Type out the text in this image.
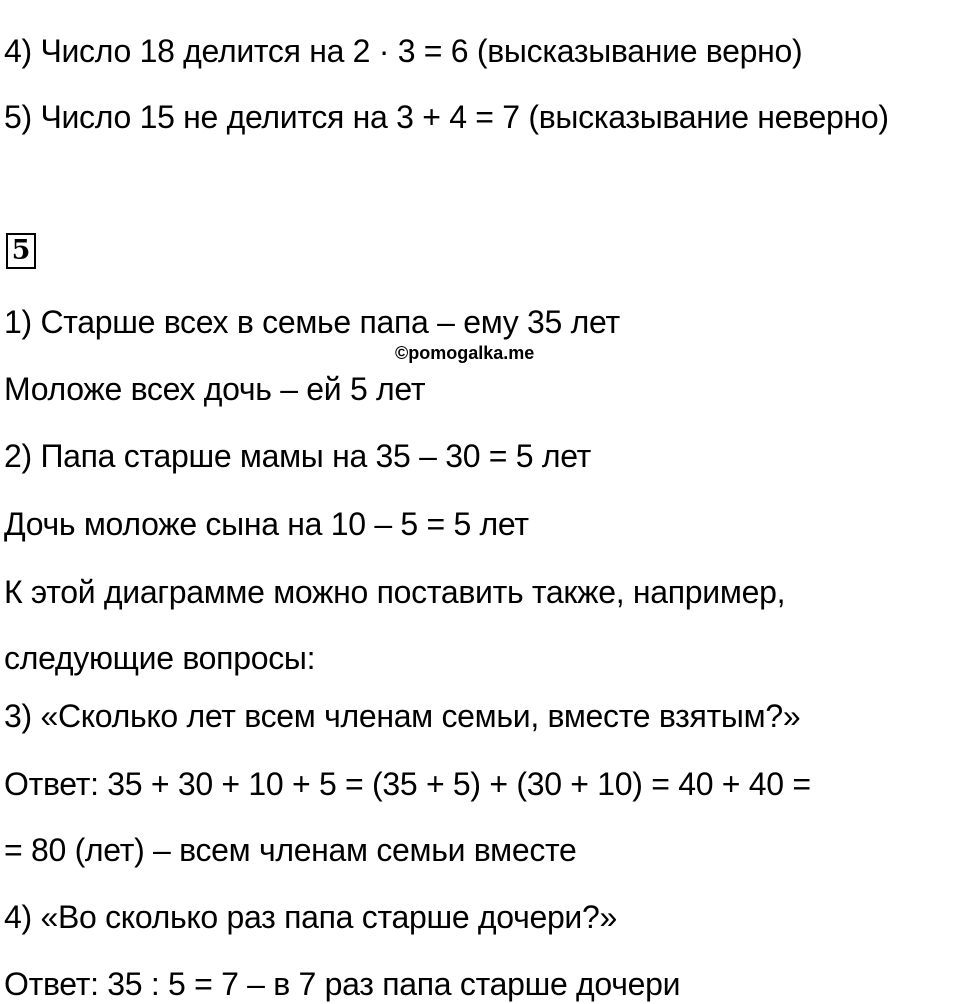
4) Число 18 делится на 2 · 3 = 6 (высказывание верно)
5) Число 15 не делится на 3 + 4 = 7 (высказывание неверно)
5
1) Старше всех в семье папа – ему 35 лет
©pomogalka.me
Моложе всех дочь – ей 5 лет
2) Папа старше мамы на 35 – 30 = 5 лет
Дочь моложе сына на 10 – 5 = 5 лет
К этой диаграмме можно поставить также, например,
следующие вопросы:
3) «Сколько лет всем членам семьи, вместе взятым?»
Ответ: 35 + 30 + 10 + 5 = (35 + 5) + (30 + 10) = 40 + 40 =
= 80 (лет) – всем членам семьи вместе
4) «Во сколько раз папа старше дочери?»
Ответ: 35 : 5 = 7 – в 7 раз папа старше дочери
